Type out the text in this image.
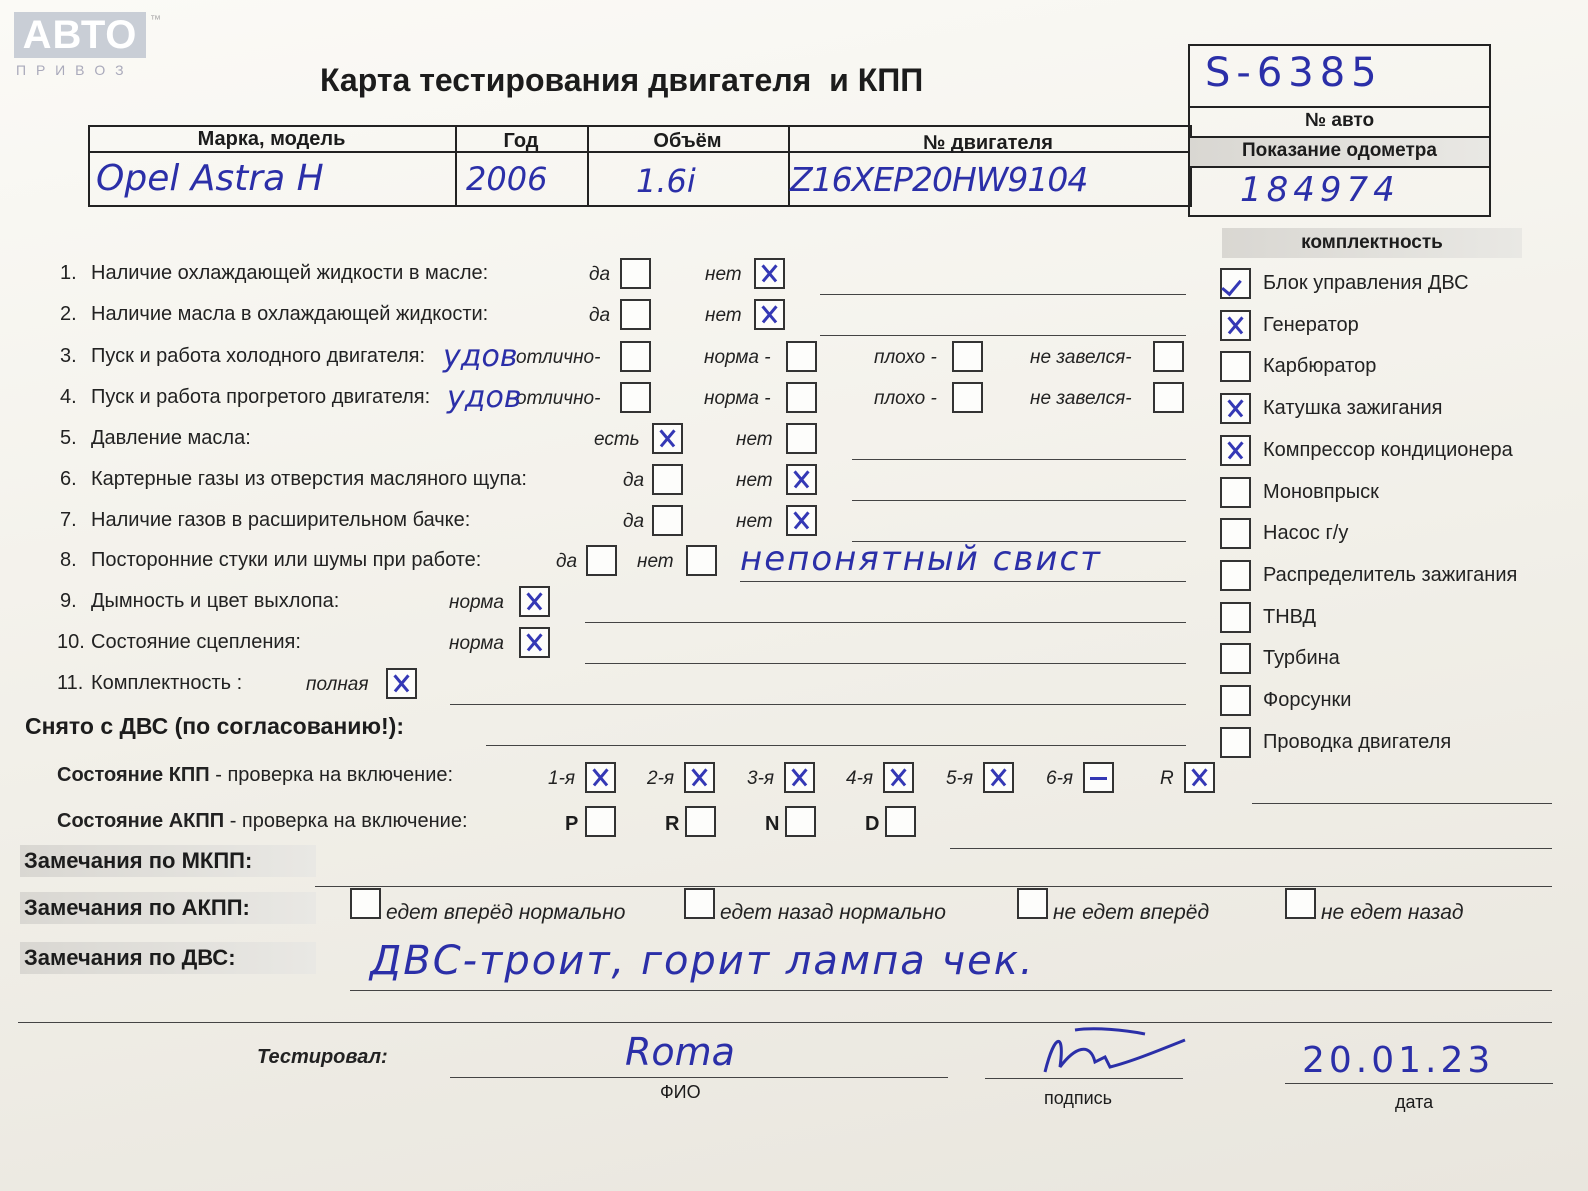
АВТО	™
П Р И В О З	Карта тестирования двигателя  и КПП
Марка, модель	Год	Объём	№ двигателя
Opel Astra H	2006	1.6і	Z16XEP20HW9104
S-6385
№ авто
Показание одометра
184974
комплектность
Снято с ДВС (по согласованию!):
Состояние КПП - проверка на включение:
Состояние АКПП - проверка на включение:
Замечания по МКПП:
Замечания по АКПП:
Замечания по ДВС:	ДВС-троит, горит лампа чек.
Тестировал:	Roma
ФИО	подпись
20.01.23
дата
1. Наличие охлаждающей жидкости в масле:	да	нет
2. Наличие масла в охлаждающей жидкости:	да	нет
3. Пуск и работа холодного двигателя:	отлично-	норма -	плохо -	не завелся-
удов
4. Пуск и работа прогретого двигателя:	отлично-	норма -	плохо -	не завелся-
удов
5. Давление масла:	есть	нет
6. Картерные газы из отверстия масляного щупа:	да	нет
7. Наличие газов в расширительном бачке:	да	нет
8. Посторонние стуки или шумы при работе:	да	нет непонятный свист
9. Дымность и цвет выхлопа:	норма
10. Состояние сцепления:	норма
11. Комплектность :	полная
Блок управления ДВС
Генератор
Карбюратор
Катушка зажигания
Компрессор кондиционера
Моновпрыск
Насос г/у
Распределитель зажигания
ТНВД
Турбина
Форсунки
Проводка двигателя
1-я	2-я	3-я	4-я	5-я	6-я	R
P	R	N	D
едет вперёд нормально	едет назад нормально	не едет вперёд	не едет назад
